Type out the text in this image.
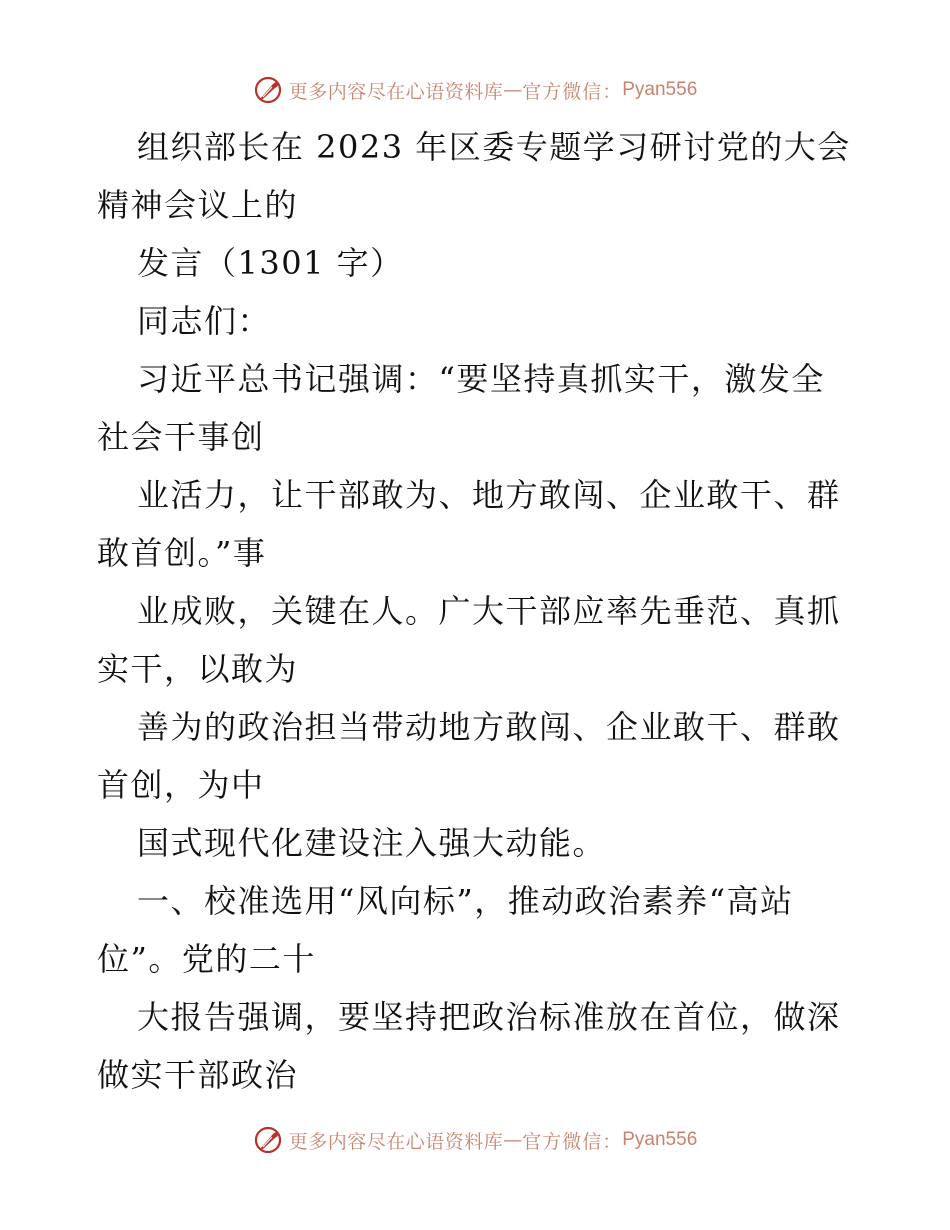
更多内容尽在心语资料库 — 官方微信： Pyan556
组织部长在 2023 年区委专题学习研讨党的大会
精神会议上的
发言（1301 字）
同志们：
习近平总书记强调：“要坚持真抓实干，激发全
社会干事创
业活力，让干部敢为、地方敢闯、企业敢干、群
敢首创。”事
业成败，关键在人。广大干部应率先垂范、真抓
实干，以敢为
善为的政治担当带动地方敢闯、企业敢干、群敢
首创，为中
国式现代化建设注入强大动能。
一、校准选用“风向标”，推动政治素养“高站
位”。党的二十
大报告强调，要坚持把政治标准放在首位，做深
做实干部政治
更多内容尽在心语资料库 — 官方微信： Pyan556
